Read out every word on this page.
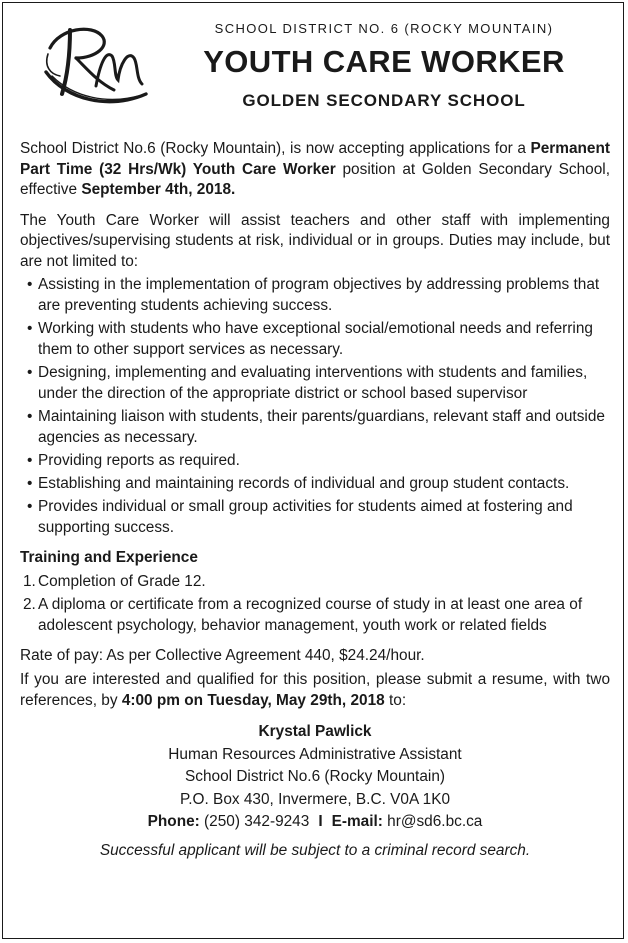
SCHOOL DISTRICT NO. 6 (ROCKY MOUNTAIN)
YOUTH CARE WORKER
GOLDEN SECONDARY SCHOOL

School District No.6 (Rocky Mountain), is now accepting applications for a Permanent Part Time (32 Hrs/Wk) Youth Care Worker position at Golden Secondary School, effective September 4th, 2018.

The Youth Care Worker will assist teachers and other staff with implementing objectives/supervising students at risk, individual or in groups. Duties may include, but are not limited to:

• Assisting in the implementation of program objectives by addressing problems that are preventing students achieving success.
• Working with students who have exceptional social/emotional needs and referring them to other support services as necessary.
• Designing, implementing and evaluating interventions with students and families, under the direction of the appropriate district or school based supervisor
• Maintaining liaison with students, their parents/guardians, relevant staff and outside agencies as necessary.
• Providing reports as required.
• Establishing and maintaining records of individual and group student contacts.
• Provides individual or small group activities for students aimed at fostering and supporting success.
Training and Experience
1. Completion of Grade 12.
2. A diploma or certificate from a recognized course of study in at least one area of adolescent psychology, behavior management, youth work or related fields

Rate of pay: As per Collective Agreement 440, $24.24/hour.

If you are interested and qualified for this position, please submit a resume, with two references, by 4:00 pm on Tuesday, May 29th, 2018 to:

Krystal Pawlick
Human Resources Administrative Assistant
School District No.6 (Rocky Mountain)
P.O. Box 430, Invermere, B.C. V0A 1K0
Phone: (250) 342-9243 I E-mail: hr@sd6.bc.ca
Successful applicant will be subject to a criminal record search.
